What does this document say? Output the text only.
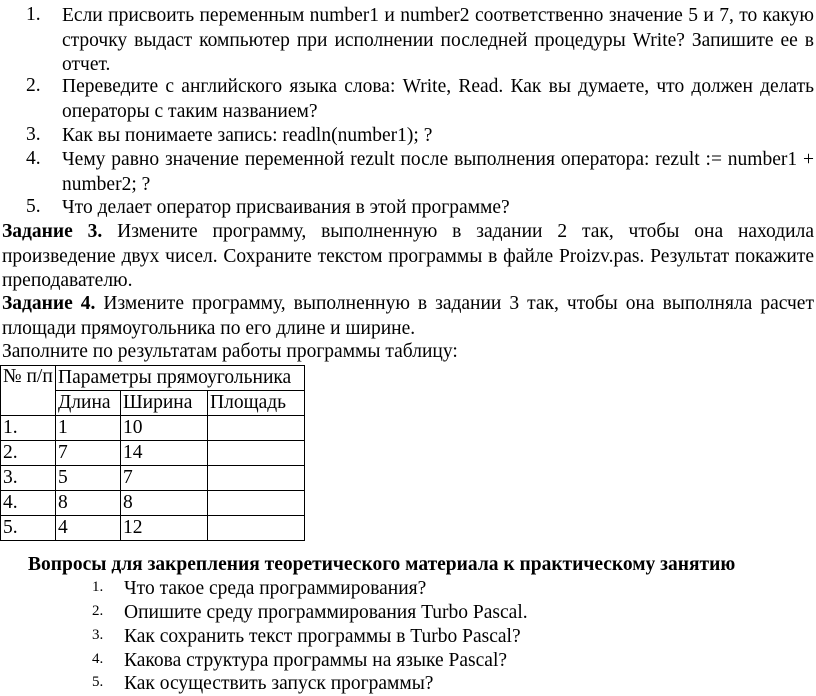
1.	Если присвоить переменным number1 и number2 соответственно значение 5 и 7, то какую строчку выдаст компьютер при исполнении последней процедуры Write? Запишите ее в отчет.
2.	Переведите с английского языка слова: Write, Read. Как вы думаете, что должен делать операторы с таким названием?
3.	Как вы понимаете запись: readln(number1); ?
4.	Чему равно значение переменной rezult после выполнения оператора: rezult := number1 + number2; ?
5.	Что делает оператор присваивания в этой программе?
Задание 3. Измените программу, выполненную в задании 2 так, чтобы она находила произведение двух чисел. Сохраните текстом программы в файле Proizv.pas. Результат покажите преподавателю.
Задание 4. Измените программу, выполненную в задании 3 так, чтобы она выполняла расчет площади прямоугольника по его длине и ширине.
Заполните по результатам работы программы таблицу:
№ п/п	Параметры прямоугольника		
	Длина	Ширина	Площадь
1.	1	10	
2.	7	14	
3.	5	7	
4.	8	8	
5.	4	12	
Вопросы для закрепления теоретического материала к практическому занятию
1. Что такое среда программирования?
2. Опишите среду программирования Turbo Pascal.
3. Как сохранить текст программы в Turbo Pascal?
4. Какова структура программы на языке Pascal?
5. Как осуществить запуск программы?
